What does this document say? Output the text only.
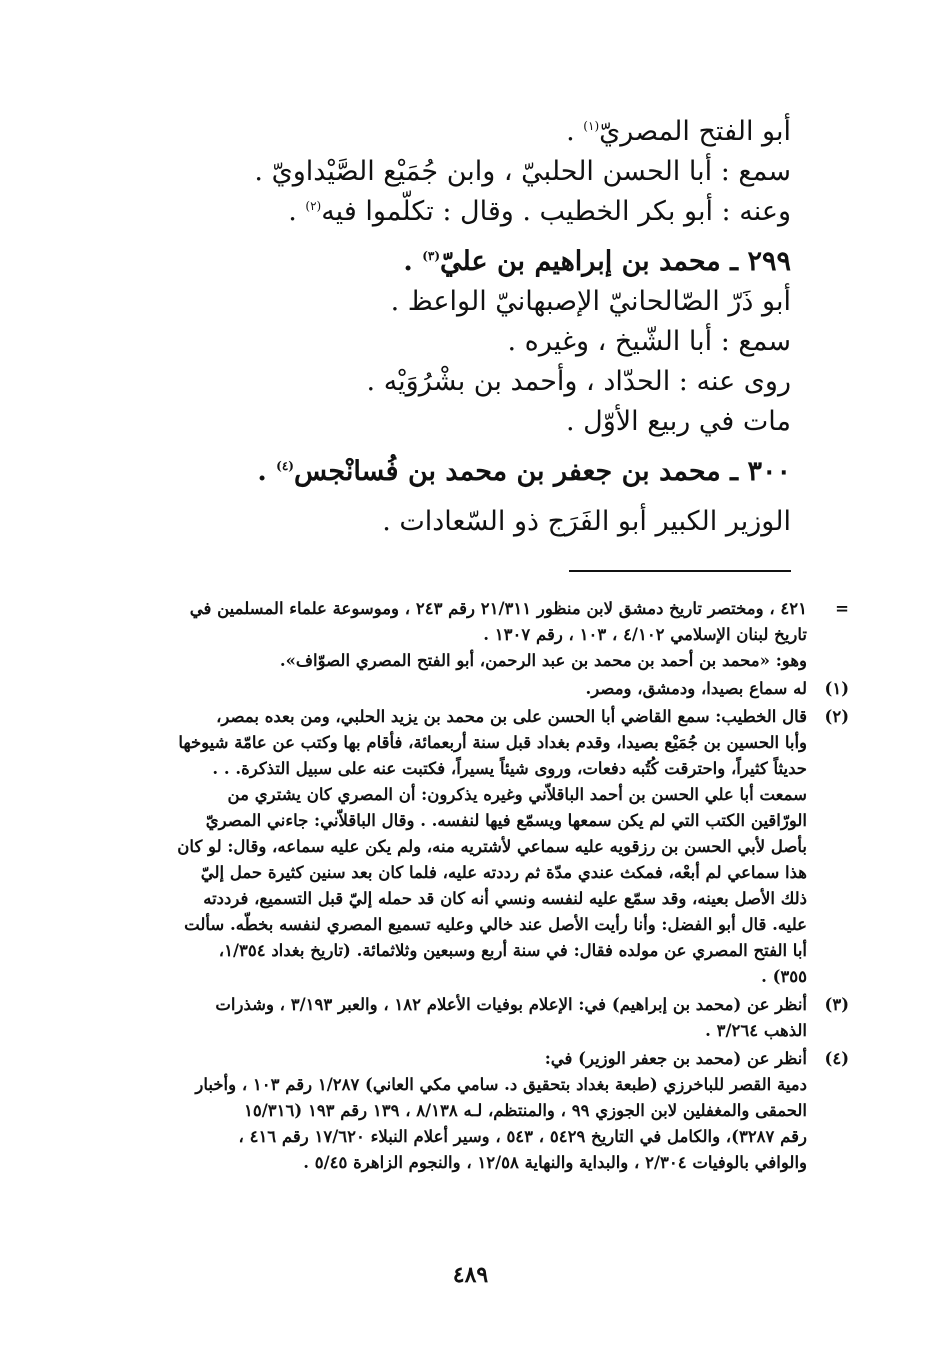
أبو الفتح المصريّ$^{(١)}$ .
سمع : أبا الحسن الحلبيّ ، وابن جُمَيْع الصَّيْداويّ .
وعنه : أبو بكر الخطيب . وقال : تكلّموا فيه$^{(٢)}$ .
٢٩٩ ـ محمد بن إبراهيم بن عليّ$^{(٣)}$ .
أبو ذَرّ الصّالحانيّ الإصبهانيّ الواعظ .
سمع : أبا الشّيخ ، وغيره .
روى عنه : الحدّاد ، وأحمد بن بشْرُوَيْه .
مات في ربيع الأوّل .
٣٠٠ ـ محمد بن جعفر بن محمد بن فُسانْجس$^{(٤)}$ .
الوزير الكبير أبو الفَرَج ذو السّعادات .
=
٤٢١ ، ومختصر تاريخ دمشق لابن منظور ٢١/٣١١ رقم ٢٤٣ ، وموسوعة علماء المسلمين في
تاريخ لبنان الإسلامي ٤/١٠٢ ، ١٠٣ ، رقم ١٣٠٧ .
وهو: «محمد بن أحمد بن محمد بن عبد الرحمن، أبو الفتح المصري الصوّاف».
(١)
له سماع بصيدا، ودمشق، ومصر.
(٢)
قال الخطيب: سمع القاضي أبا الحسن على بن محمد بن يزيد الحلبي، ومن بعده بمصر،
وأبا الحسين بن جُمَيْع بصيدا، وقدم بغداد قبل سنة أربعمائة، فأقام بها وكتب عن عامّة شيوخها
حديثاً كثيراً، واحترقت كُتُبه دفعات، وروى شيئاً يسيراً، فكتبت عنه على سبيل التذكرة. . .
سمعت أبا علي الحسن بن أحمد الباقلاّني وغيره يذكرون: أن المصري كان يشتري من
الورّاقين الكتب التي لم يكن سمعها ويسمّع فيها لنفسه. . وقال الباقلاّني: جاءني المصريّ
بأصل لأبي الحسن بن رزقويه عليه سماعي لأشتريه منه، ولم يكن عليه سماعه، وقال: لو كان
هذا سماعي لم أبعْه، فمكث عندي مدّة ثم رددته عليه، فلما كان بعد سنين كثيرة حمل إليّ
ذلك الأصل بعينه، وقد سمّع عليه لنفسه ونسي أنه كان قد حمله إليّ قبل التسميع، فرددته
عليه. قال أبو الفضل: وأنا رأيت الأصل عند خالي وعليه تسميع المصري لنفسه بخطّه. سألت
أبا الفتح المصري عن مولده فقال: في سنة أربع وسبعين وثلاثمائة. (تاريخ بغداد ١/٣٥٤،
٣٥٥) .
(٣)
أنظر عن (محمد بن إبراهيم) في: الإعلام بوفيات الأعلام ١٨٢ ، والعبر ٣/١٩٣ ، وشذرات
الذهب ٣/٢٦٤ .
(٤)
أنظر عن (محمد بن جعفر الوزير) في:
دمية القصر للباخرزي (طبعة بغداد بتحقيق د. سامي مكي العاني) ١/٢٨٧ رقم ١٠٣ ، وأخبار
الحمقى والمغفلين لابن الجوزي ٩٩ ، والمنتظم، لـه ٨/١٣٨ ، ١٣٩ رقم ١٩٣ (١٥/٣١٦
رقم ٣٢٨٧)، والكامل في التاريخ ٥٤٢٩ ، ٥٤٣ ، وسير أعلام النبلاء ١٧/٦٢٠ رقم ٤١٦ ،
والوافي بالوفيات ٢/٣٠٤ ، والبداية والنهاية ١٢/٥٨ ، والنجوم الزاهرة ٥/٤٥ .
٤٨٩
